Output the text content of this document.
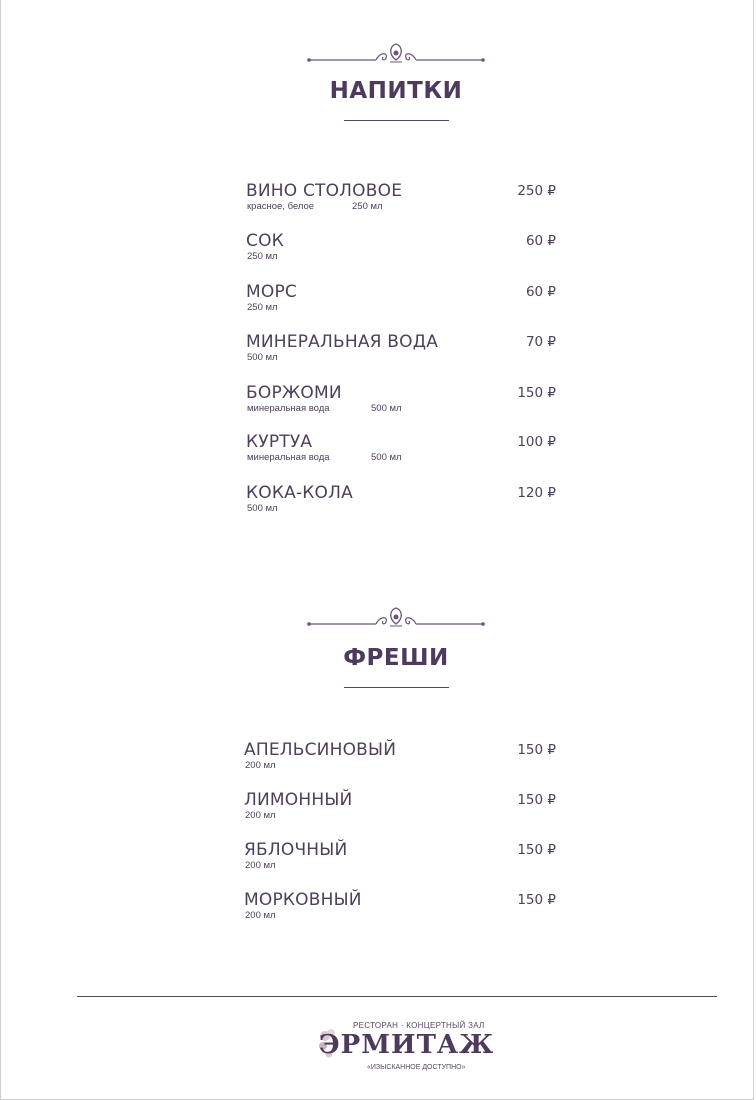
НАПИТКИ
ВИНО СТОЛОВОЕ
красное, белое	250 мл
250 ₽
СОК
250 мл
60 ₽
МОРС
250 мл
60 ₽
МИНЕРАЛЬНАЯ ВОДА
500 мл
70 ₽
БОРЖОМИ
минеральная вода	500 мл
150 ₽
КУРТУА
минеральная вода	500 мл
100 ₽
КОКА-КОЛА
500 мл
120 ₽
ФРЕШИ
АПЕЛЬСИНОВЫЙ
200 мл
150 ₽
ЛИМОННЫЙ
200 мл
150 ₽
ЯБЛОЧНЫЙ
200 мл
150 ₽
МОРКОВНЫЙ
200 мл
150 ₽
РЕСТОРАН · КОНЦЕРТНЫЙ ЗАЛ
ЭРМИТАЖ
«ИЗЫСКАННОЕ ДОСТУПНО»
